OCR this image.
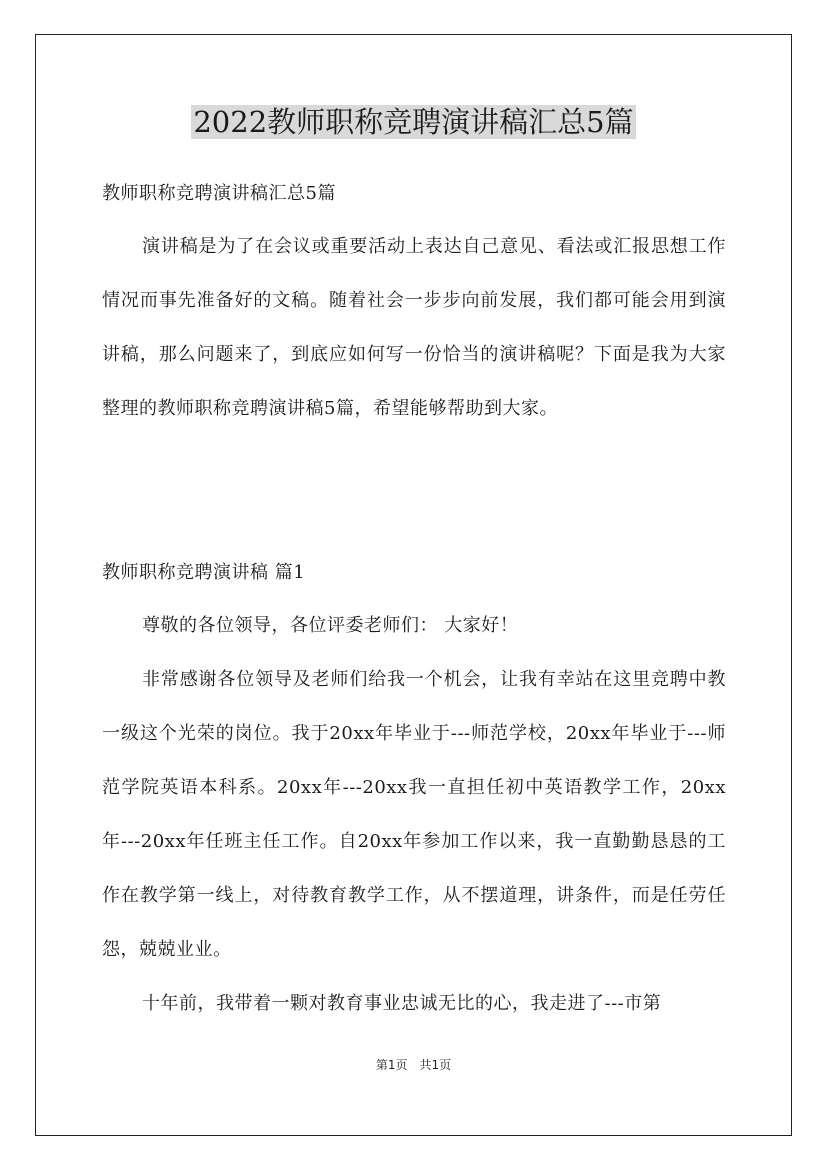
2022教师职称竞聘演讲稿汇总5篇

教师职称竞聘演讲稿汇总5篇

演讲稿是为了在会议或重要活动上表达自己意见、看法或汇报思想工作情况而事先准备好的文稿。随着社会一步步向前发展，我们都可能会用到演讲稿，那么问题来了，到底应如何写一份恰当的演讲稿呢？下面是我为大家整理的教师职称竞聘演讲稿5篇，希望能够帮助到大家。

教师职称竞聘演讲稿 篇1

尊敬的各位领导，各位评委老师们： 大家好！

非常感谢各位领导及老师们给我一个机会，让我有幸站在这里竞聘中教一级这个光荣的岗位。我于20xx年毕业于---师范学校，20xx年毕业于---师范学院英语本科系。20xx年---20xx我一直担任初中英语教学工作，20xx年---20xx年任班主任工作。自20xx年参加工作以来，我一直勤勤恳恳的工作在教学第一线上，对待教育教学工作，从不摆道理，讲条件，而是任劳任怨，兢兢业业。

十年前，我带着一颗对教育事业忠诚无比的心，我走进了---市第

第1页　共1页
